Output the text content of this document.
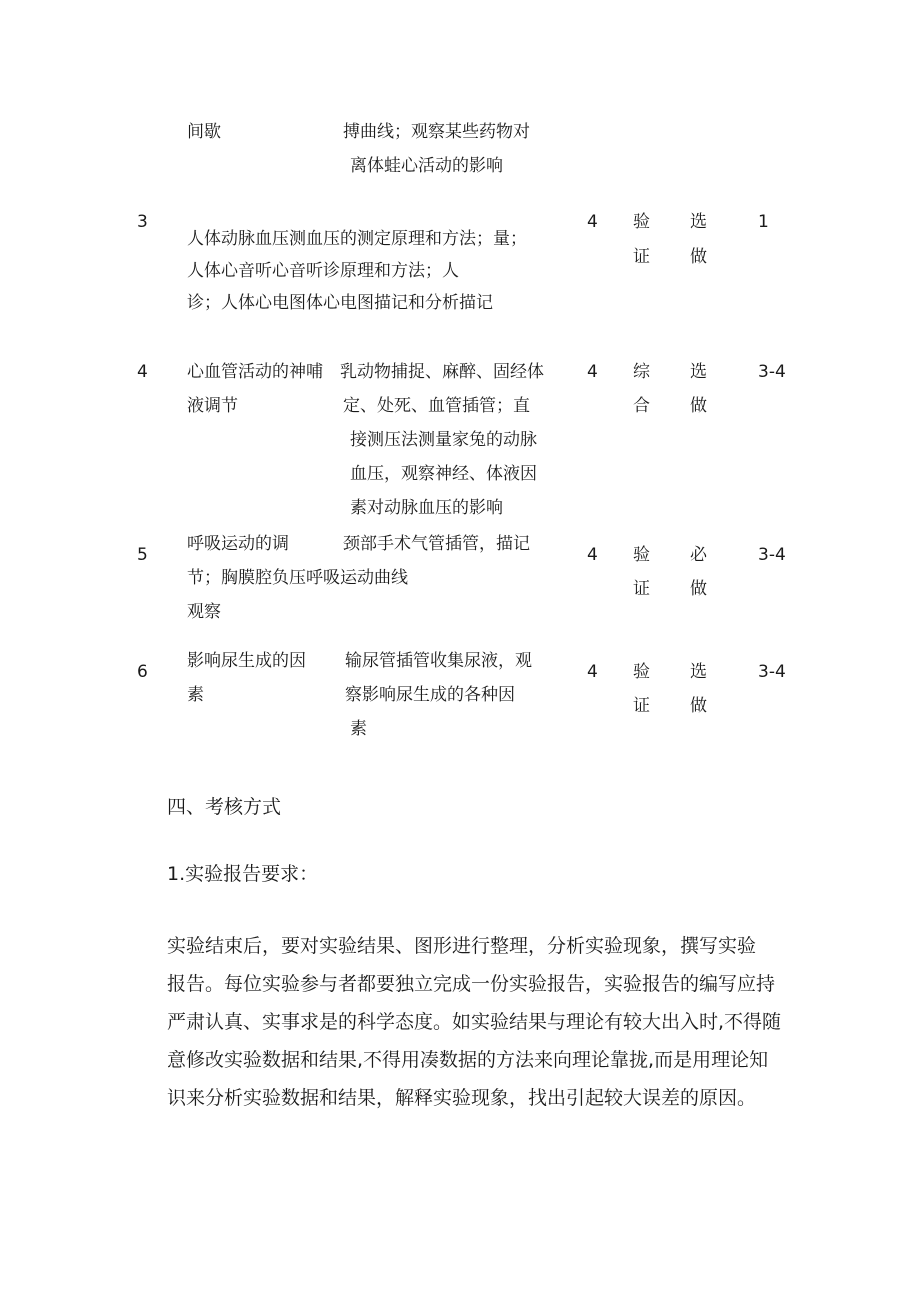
间歇	搏曲线；观察某些药物对
离体蛙心活动的影响
3
人体动脉血压测血压的测定原理和方法；量；
人体心音听心音听诊原理和方法；人
诊；人体心电图体心电图描记和分析描记
4 验
证
选
做
1
4 心血管活动的神哺
液调节
乳动物捕捉、麻醉、固经体
定、处死、血管插管；直
接测压法测量家兔的动脉
血压，观察神经、体液因
素对动脉血压的影响
4 综
合
选
做
3-4
5
呼吸运动的调	颈部手术气管插管，描记
节；胸膜腔负压呼吸运动曲线
观察
4 验
证
必
做
3-4
6
影响尿生成的因
素
输尿管插管收集尿液，观
察影响尿生成的各种因
素
4 验
证
选
做
3-4
四、考核方式
1.实验报告要求：

实验结束后，要对实验结果、图形进行整理，分析实验现象，撰写实验

报告。每位实验参与者都要独立完成一份实验报告，实验报告的编写应持

严肃认真、实事求是的科学态度。如实验结果与理论有较大出入时,不得随

意修改实验数据和结果,不得用凑数据的方法来向理论靠拢,而是用理论知

识来分析实验数据和结果，解释实验现象，找出引起较大误差的原因。
